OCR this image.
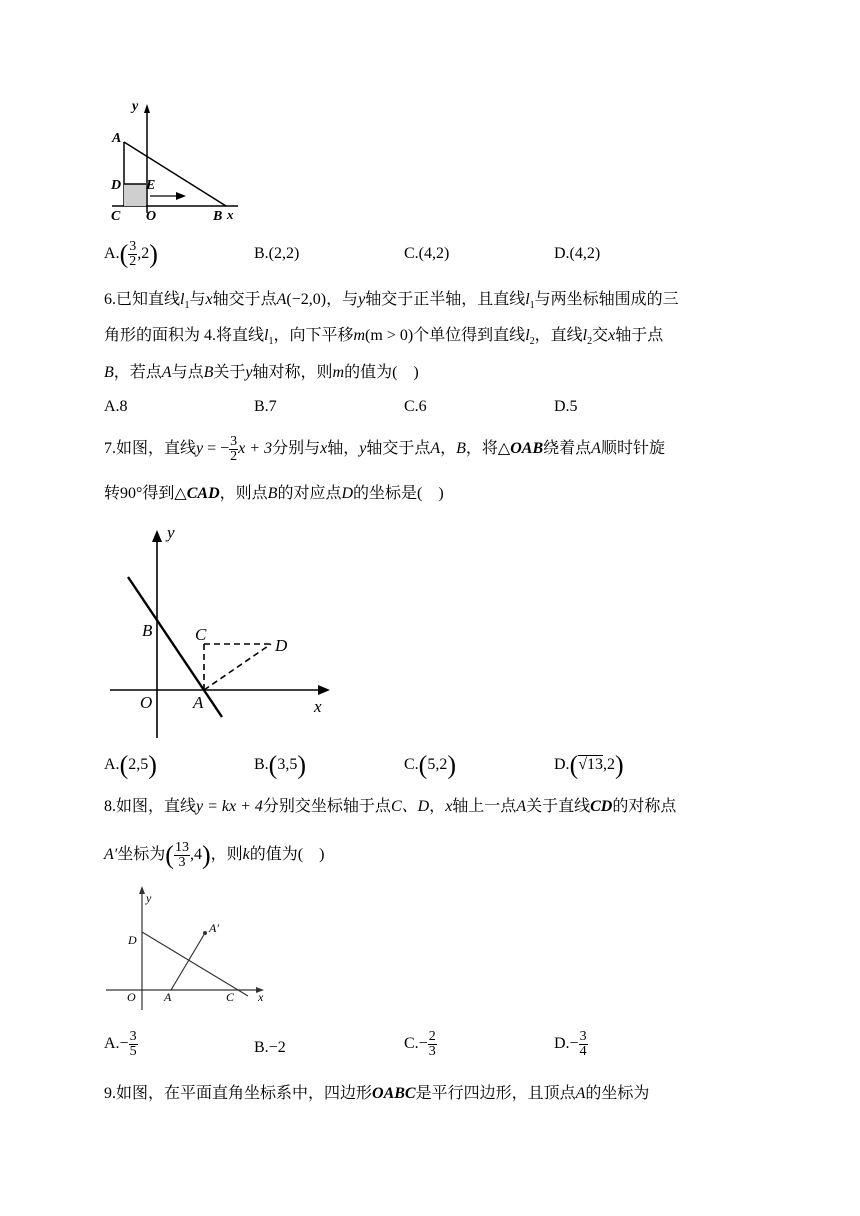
y
A
D E
C O	B x
$A.( \frac{3}{2} ,2)$	B.(2,2)	C.(4,2)	D.(4,2)
6.已知直线$l_1$与x轴交于点A(−2,0)，与y轴交于正半轴，且直线$l_1$与两坐标轴围成的三
角形的面积为 4.将直线$l_1$，向下平移m(m > 0)个单位得到直线$l_2$，直线$l_2$交x轴于点
B，若点A与点B关于y轴对称，则m的值为(　)
A.8	B.7	C.6	D.5
7.如图，直线y = − $\frac{3}{2}$ x + 3分别与x轴，y轴交于点A，B，将△OAB绕着点A顺时针旋
转90°得到△CAD，则点B的对应点D的坐标是(　)
y
B	C
D
O A	x
A.(2,5)	B.(3,5)	C.(5,2)	D.(√13,2)
8.如图，直线y = kx + 4分别交坐标轴于点C、D，x轴上一点A关于直线CD的对称点
A′坐标为( $\frac{13}{3} ,4$)，则k的值为(　)
y
D
A′
O A	C x
$A.- \frac{3}{5}$	B.−2	$C.- \frac{2}{3}$	$D.- \frac{3}{4}$
9.如图，在平面直角坐标系中，四边形OABC是平行四边形，且顶点A的坐标为
